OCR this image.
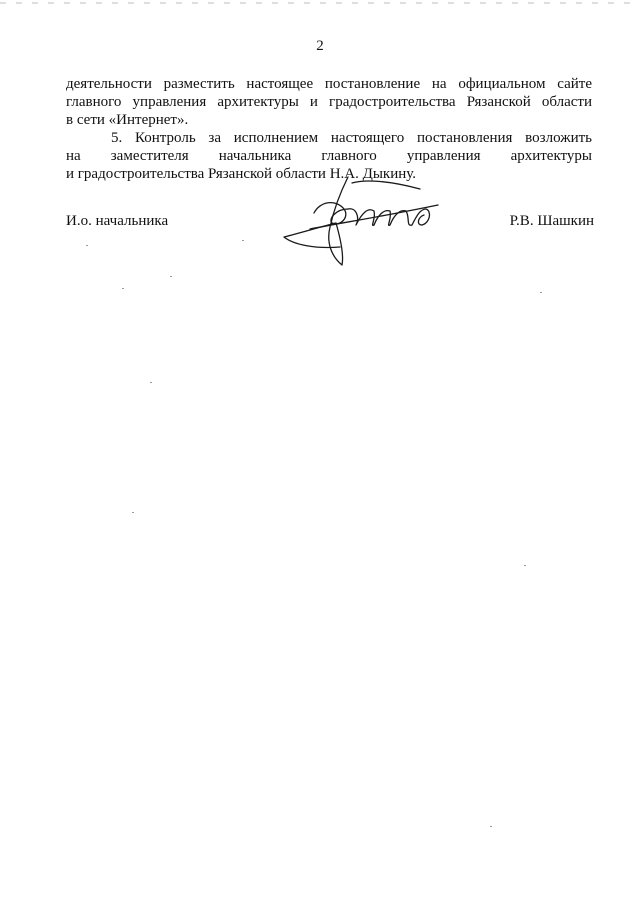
2

деятельности разместить настоящее постановление на официальном сайте

главного управления архитектуры и градостроительства Рязанской области

в сети «Интернет».

5. Контроль за исполнением настоящего постановления возложить

на заместителя начальника главного управления архитектуры

и градостроительства Рязанской области Н.А. Дыкину.

И.о. начальника	Р.В. Шашкин
